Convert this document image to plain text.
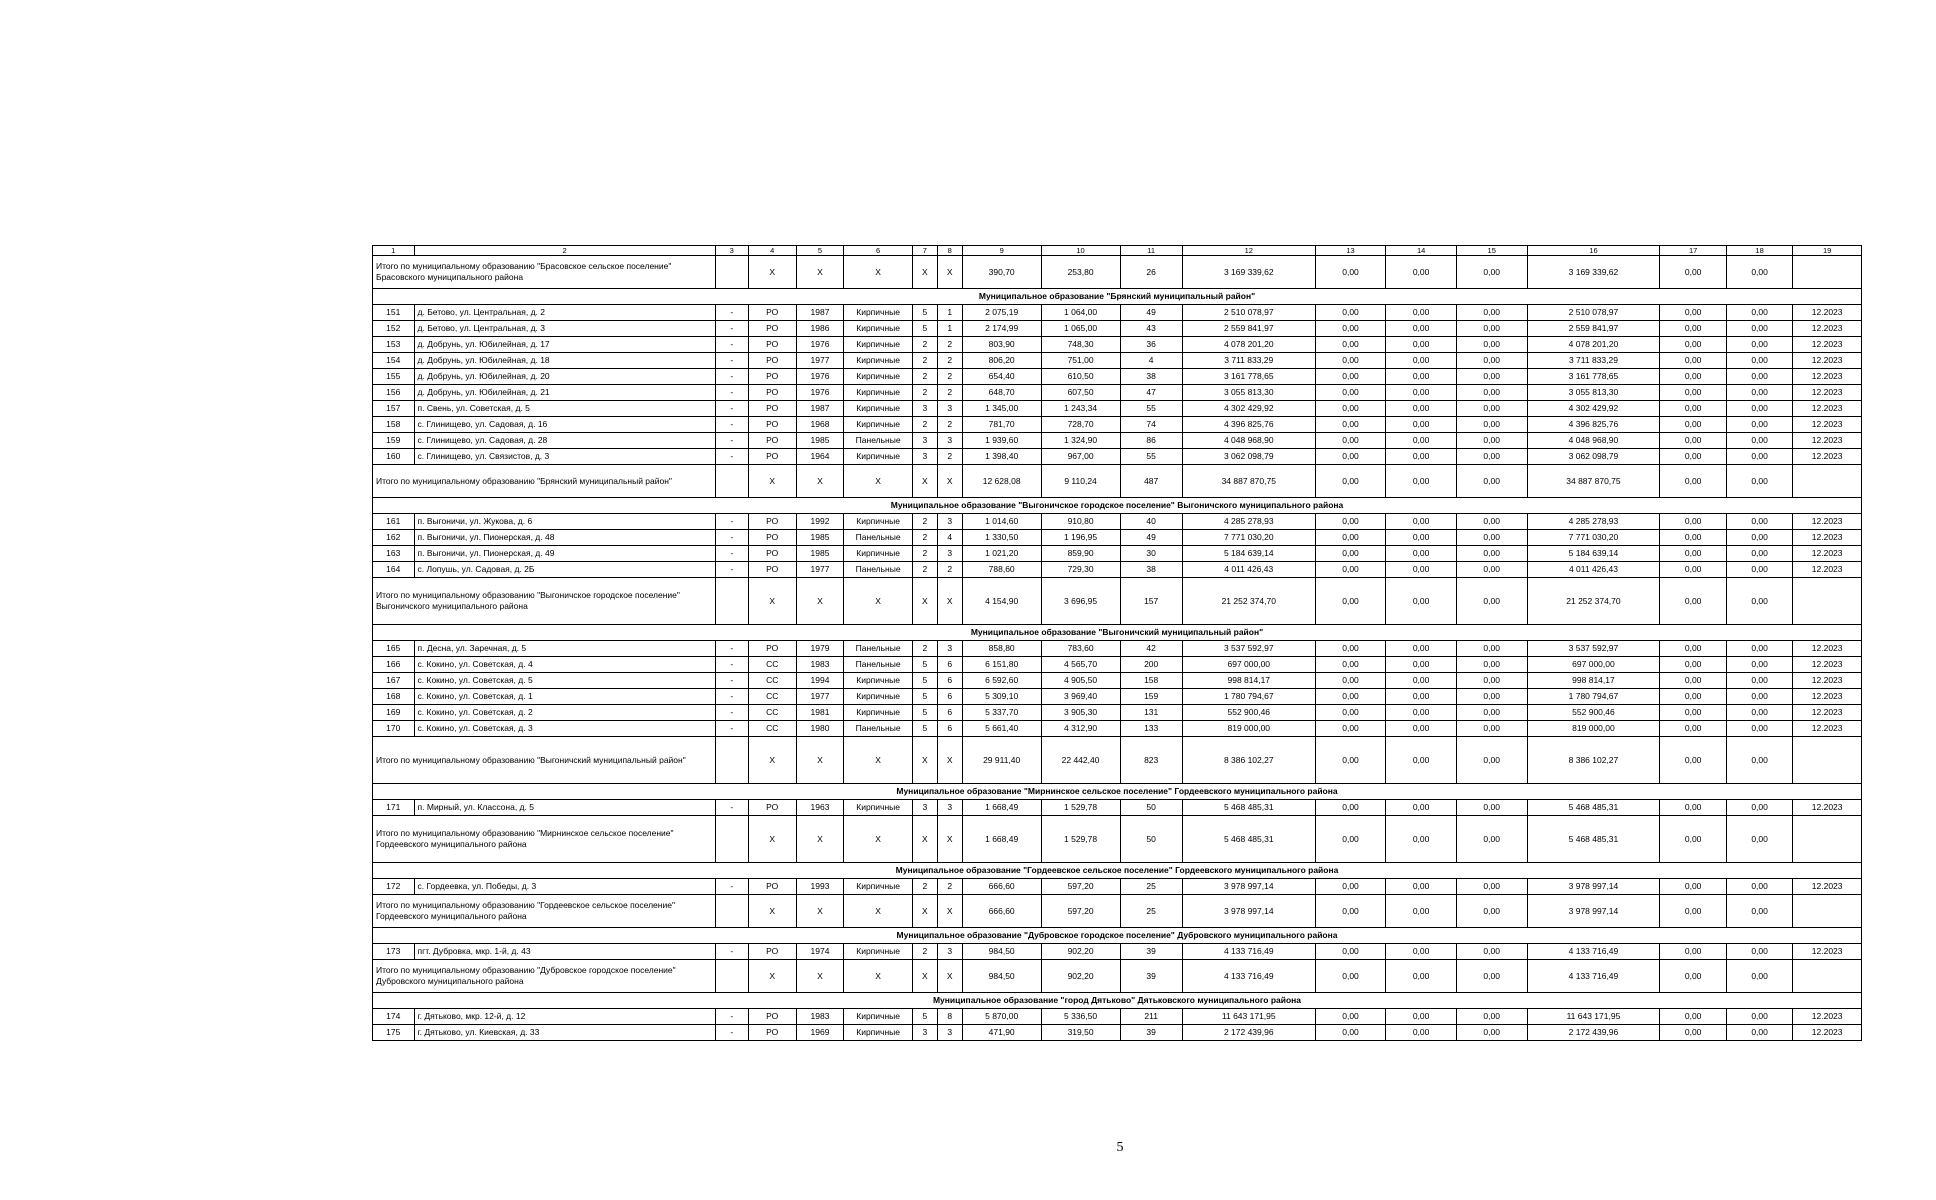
1	2	3	4	5	6	7	8	9	10	11	12	13	14	15	16	17	18	19
Итого по муниципальному образованию "Брасовское сельское поселение" Брасовского муниципального района			X	X	X	X	X	390,70	253,80	26	3 169 339,62	0,00	0,00	0,00	3 169 339,62	0,00	0,00	
Муниципальное образование "Брянский муниципальный район"																		
151	д. Бетово, ул. Центральная, д. 2	-	РО	1987	Кирпичные	5	1	2 075,19	1 064,00	49	2 510 078,97	0,00	0,00	0,00	2 510 078,97	0,00	0,00	12.2023
152	д. Бетово, ул. Центральная, д. 3	-	РО	1986	Кирпичные	5	1	2 174,99	1 065,00	43	2 559 841,97	0,00	0,00	0,00	2 559 841,97	0,00	0,00	12.2023
153	д. Добрунь, ул. Юбилейная, д. 17	-	РО	1976	Кирпичные	2	2	803,90	748,30	36	4 078 201,20	0,00	0,00	0,00	4 078 201,20	0,00	0,00	12.2023
154	д. Добрунь, ул. Юбилейная, д. 18	-	РО	1977	Кирпичные	2	2	806,20	751,00	4	3 711 833,29	0,00	0,00	0,00	3 711 833,29	0,00	0,00	12.2023
155	д. Добрунь, ул. Юбилейная, д. 20	-	РО	1976	Кирпичные	2	2	654,40	610,50	38	3 161 778,65	0,00	0,00	0,00	3 161 778,65	0,00	0,00	12.2023
156	д. Добрунь, ул. Юбилейная, д. 21	-	РО	1976	Кирпичные	2	2	648,70	607,50	47	3 055 813,30	0,00	0,00	0,00	3 055 813,30	0,00	0,00	12.2023
157	п. Свень, ул. Советская, д. 5	-	РО	1987	Кирпичные	3	3	1 345,00	1 243,34	55	4 302 429,92	0,00	0,00	0,00	4 302 429,92	0,00	0,00	12.2023
158	с. Глинищево, ул. Садовая, д. 16	-	РО	1968	Кирпичные	2	2	781,70	728,70	74	4 396 825,76	0,00	0,00	0,00	4 396 825,76	0,00	0,00	12.2023
159	с. Глинищево, ул. Садовая, д. 28	-	РО	1985	Панельные	3	3	1 939,60	1 324,90	86	4 048 968,90	0,00	0,00	0,00	4 048 968,90	0,00	0,00	12.2023
160	с. Глинищево, ул. Связистов, д. 3	-	РО	1964	Кирпичные	3	2	1 398,40	967,00	55	3 062 098,79	0,00	0,00	0,00	3 062 098,79	0,00	0,00	12.2023
Итого по муниципальному образованию "Брянский муниципальный район"			X	X	X	X	X	12 628,08	9 110,24	487	34 887 870,75	0,00	0,00	0,00	34 887 870,75	0,00	0,00	
Муниципальное образование "Выгоничское городское поселение" Выгоничского муниципального района																		
161	п. Выгоничи, ул. Жукова, д. 6	-	РО	1992	Кирпичные	2	3	1 014,60	910,80	40	4 285 278,93	0,00	0,00	0,00	4 285 278,93	0,00	0,00	12.2023
162	п. Выгоничи, ул. Пионерская, д. 48	-	РО	1985	Панельные	2	4	1 330,50	1 196,95	49	7 771 030,20	0,00	0,00	0,00	7 771 030,20	0,00	0,00	12.2023
163	п. Выгоничи, ул. Пионерская, д. 49	-	РО	1985	Кирпичные	2	3	1 021,20	859,90	30	5 184 639,14	0,00	0,00	0,00	5 184 639,14	0,00	0,00	12.2023
164	с. Лопушь, ул. Садовая, д. 2Б	-	РО	1977	Панельные	2	2	788,60	729,30	38	4 011 426,43	0,00	0,00	0,00	4 011 426,43	0,00	0,00	12.2023
Итого по муниципальному образованию "Выгоничское городское поселение" Выгоничского муниципального района			X	X	X	X	X	4 154,90	3 696,95	157	21 252 374,70	0,00	0,00	0,00	21 252 374,70	0,00	0,00	
Муниципальное образование "Выгоничский муниципальный район"																		
165	п. Десна, ул. Заречная, д. 5	-	РО	1979	Панельные	2	3	858,80	783,60	42	3 537 592,97	0,00	0,00	0,00	3 537 592,97	0,00	0,00	12.2023
166	с. Кокино, ул. Советская, д. 4	-	СС	1983	Панельные	5	6	6 151,80	4 565,70	200	697 000,00	0,00	0,00	0,00	697 000,00	0,00	0,00	12.2023
167	с. Кокино, ул. Советская, д. 5	-	СС	1994	Кирпичные	5	6	6 592,60	4 905,50	158	998 814,17	0,00	0,00	0,00	998 814,17	0,00	0,00	12.2023
168	с. Кокино, ул. Советская, д. 1	-	СС	1977	Кирпичные	5	6	5 309,10	3 969,40	159	1 780 794,67	0,00	0,00	0,00	1 780 794,67	0,00	0,00	12.2023
169	с. Кокино, ул. Советская, д. 2	-	СС	1981	Кирпичные	5	6	5 337,70	3 905,30	131	552 900,46	0,00	0,00	0,00	552 900,46	0,00	0,00	12.2023
170	с. Кокино, ул. Советская, д. 3	-	СС	1980	Панельные	5	6	5 661,40	4 312,90	133	819 000,00	0,00	0,00	0,00	819 000,00	0,00	0,00	12.2023
Итого по муниципальному образованию "Выгоничский муниципальный район"			X	X	X	X	X	29 911,40	22 442,40	823	8 386 102,27	0,00	0,00	0,00	8 386 102,27	0,00	0,00	
Муниципальное образование "Мирнинское сельское поселение" Гордеевского муниципального района																		
171	п. Мирный, ул. Классона, д. 5	-	РО	1963	Кирпичные	3	3	1 668,49	1 529,78	50	5 468 485,31	0,00	0,00	0,00	5 468 485,31	0,00	0,00	12.2023
Итого по муниципальному образованию "Мирнинское сельское поселение" Гордеевского муниципального района			X	X	X	X	X	1 668,49	1 529,78	50	5 468 485,31	0,00	0,00	0,00	5 468 485,31	0,00	0,00	
Муниципальное образование "Гордеевское сельское поселение" Гордеевского муниципального района																		
172	с. Гордеевка, ул. Победы, д. 3	-	РО	1993	Кирпичные	2	2	666,60	597,20	25	3 978 997,14	0,00	0,00	0,00	3 978 997,14	0,00	0,00	12.2023
Итого по муниципальному образованию "Гордеевское сельское поселение" Гордеевского муниципального района			X	X	X	X	X	666,60	597,20	25	3 978 997,14	0,00	0,00	0,00	3 978 997,14	0,00	0,00	
Муниципальное образование "Дубровское городское поселение" Дубровского муниципального района																		
173	пгт. Дубровка, мкр. 1-й, д. 43	-	РО	1974	Кирпичные	2	3	984,50	902,20	39	4 133 716,49	0,00	0,00	0,00	4 133 716,49	0,00	0,00	12.2023
Итого по муниципальному образованию "Дубровское городское поселение" Дубровского муниципального района			X	X	X	X	X	984,50	902,20	39	4 133 716,49	0,00	0,00	0,00	4 133 716,49	0,00	0,00	
Муниципальное образование "город Дятьково" Дятьковского муниципального района																		
174	г. Дятьково, мкр. 12-й, д. 12	-	РО	1983	Кирпичные	5	8	5 870,00	5 336,50	211	11 643 171,95	0,00	0,00	0,00	11 643 171,95	0,00	0,00	12.2023
175	г. Дятьково, ул. Киевская, д. 33	-	РО	1969	Кирпичные	3	3	471,90	319,50	39	2 172 439,96	0,00	0,00	0,00	2 172 439,96	0,00	0,00	12.2023
5
